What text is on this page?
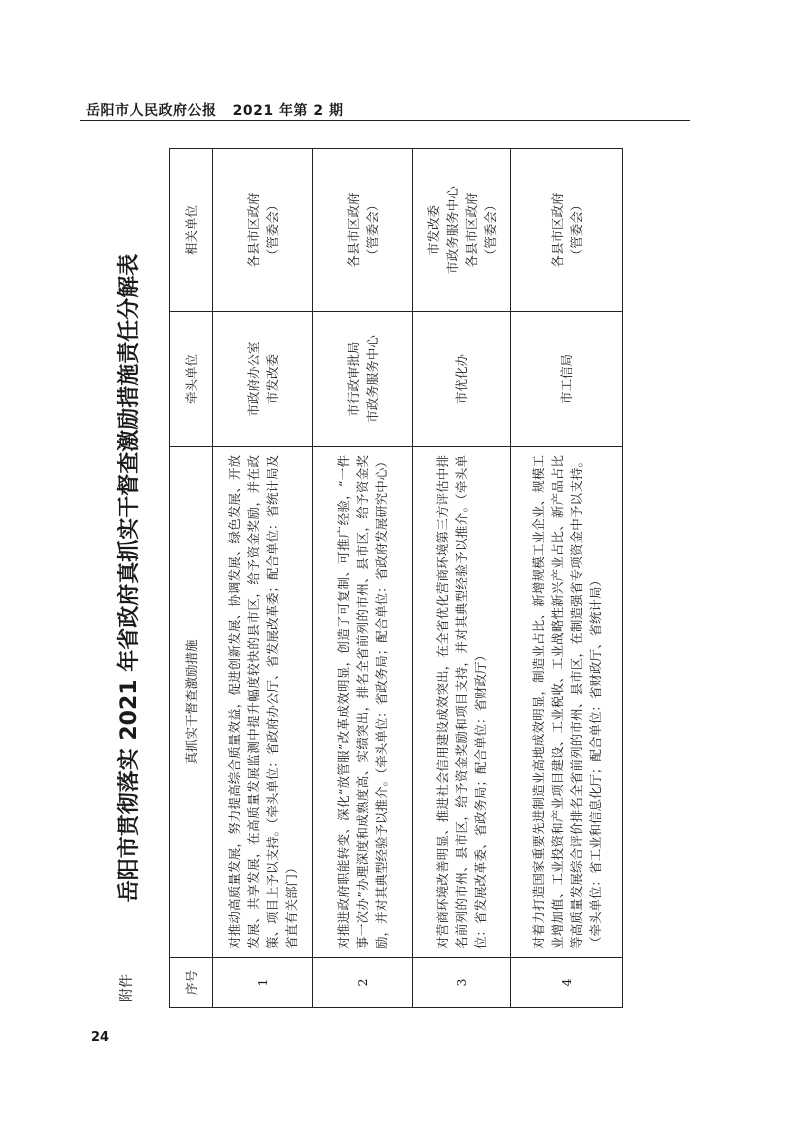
岳阳市人民政府公报 2021 年第 2 期
附件
24
岳阳市贯彻落实 2021 年省政府真抓实干督查激励措施责任分解表
序号	真抓实干督查激励措施	牵头单位	相关单位
1	对推动高质量发展，努力提高综合质量效益，促进创新发展、协调发展、绿色发展、开放发展、共享发展，在高质量发展监测中提升幅度较快的县市区，给予资金奖励，并在政策、项目上予以支持。（牵头单位：省政府办公厅、省发展改革委；配合单位：省统计局及省直有关部门）	市政府办公室 市发改委	各县市区政府 （管委会）

2	对推进政府职能转变、深化“放管服”改革成效明显，创造了可复制、可推广经验，“一件事一次办”办理深度和成熟度高、实绩突出，排名全省前列的市州、县市区，给予资金奖励，并对其典型经验予以推介。（牵头单位：省政务局；配合单位：省政府发展研究中心）	市行政审批局 市政务服务中心	各县市区政府 （管委会）

3	对营商环境改善明显、推进社会信用建设成效突出，在全省优化营商环境第三方评估中排名前列的市州、县市区，给予资金奖励和项目支持，并对其典型经验予以推介。（牵头单位：省发展改革委、省政务局；配合单位：省财政厅）	市优化办	市发改委 市政务服务中心 各县市区政府 （管委会）

4	对着力打造国家重要先进制造业高地成效明显，制造业占比、新增规模工业企业、规模工业增加值、工业投资和产业项目建设、工业税收、工业战略性新兴产业占比、新产品占比等高质量发展综合评价排名全省前列的市州、县市区，在制造强省专项资金中予以支持。（牵头单位：省工业和信息化厅；配合单位：省财政厅、省统计局）	市工信局	各县市区政府 （管委会）
